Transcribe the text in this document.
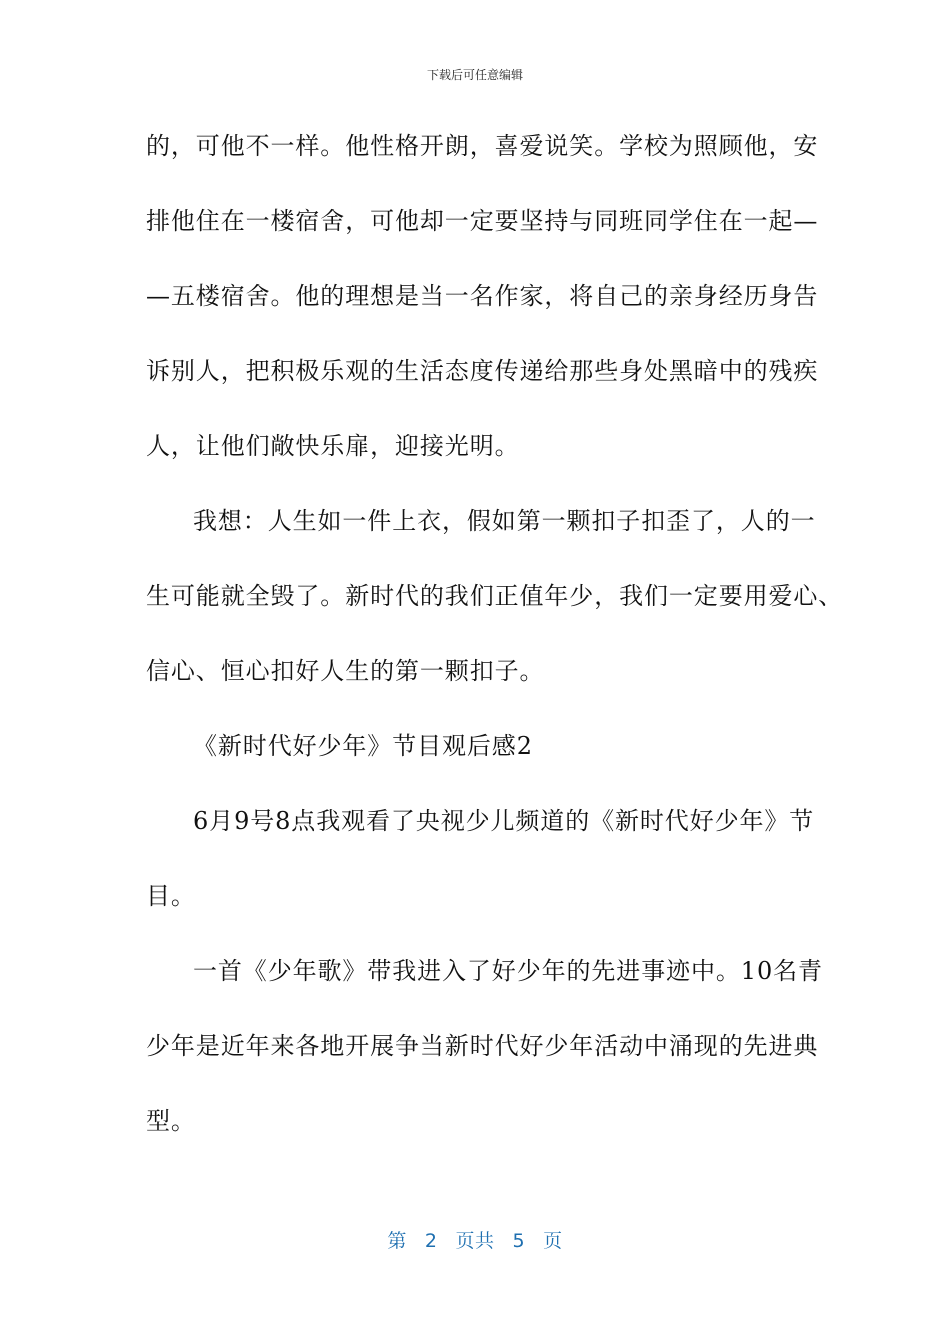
下载后可任意编辑
的，可他不一样。他性格开朗，喜爱说笑。学校为照顾他，安
排他住在一楼宿舍，可他却一定要坚持与同班同学住在一起—
—五楼宿舍。他的理想是当一名作家，将自己的亲身经历身告
诉别人，把积极乐观的生活态度传递给那些身处黑暗中的残疾
人，让他们敞快乐扉，迎接光明。
我想：人生如一件上衣，假如第一颗扣子扣歪了，人的一
生可能就全毁了。新时代的我们正值年少，我们一定要用爱心、
信心、恒心扣好人生的第一颗扣子。
《新时代好少年》节目观后感2
6月9号8点我观看了央视少儿频道的《新时代好少年》节
目。
一首《少年歌》带我进入了好少年的先进事迹中。10名青
少年是近年来各地开展争当新时代好少年活动中涌现的先进典
型。
第 2 页共 5 页
